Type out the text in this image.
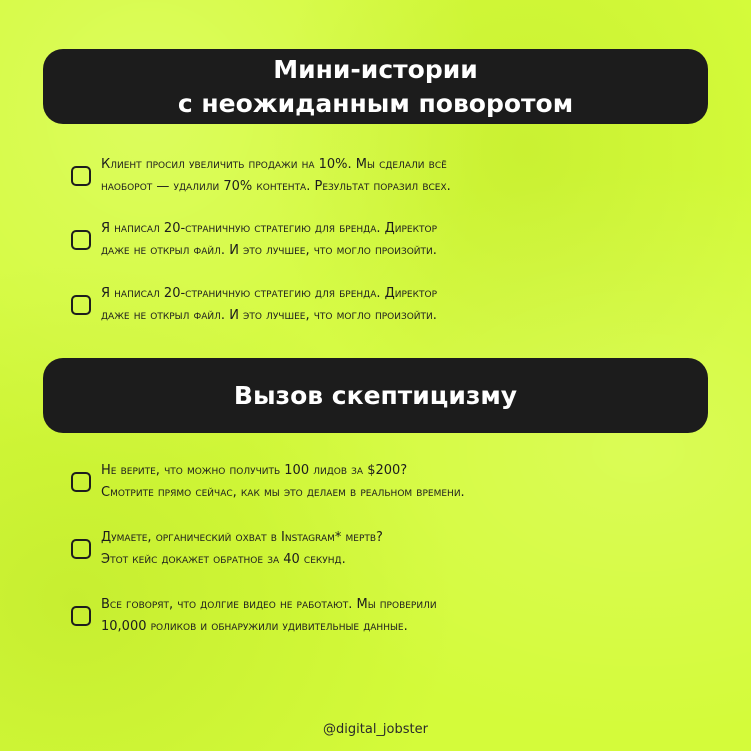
Мини-истории
с неожиданным поворотом
Клиент просил увеличить продажи на 10%. Мы сделали всё
наоборот — удалили 70% контента. Результат поразил всех.
Я написал 20-страничную стратегию для бренда. Директор
даже не открыл файл. И это лучшее, что могло произойти.
Я написал 20-страничную стратегию для бренда. Директор
даже не открыл файл. И это лучшее, что могло произойти.
Вызов скептицизму
Не верите, что можно получить 100 лидов за $200?
Смотрите прямо сейчас, как мы это делаем в реальном времени.
Думаете, органический охват в Instagram* мертв?
Этот кейс докажет обратное за 40 секунд.
Все говорят, что долгие видео не работают. Мы проверили
10,000 роликов и обнаружили удивительные данные.
@digital_jobster
